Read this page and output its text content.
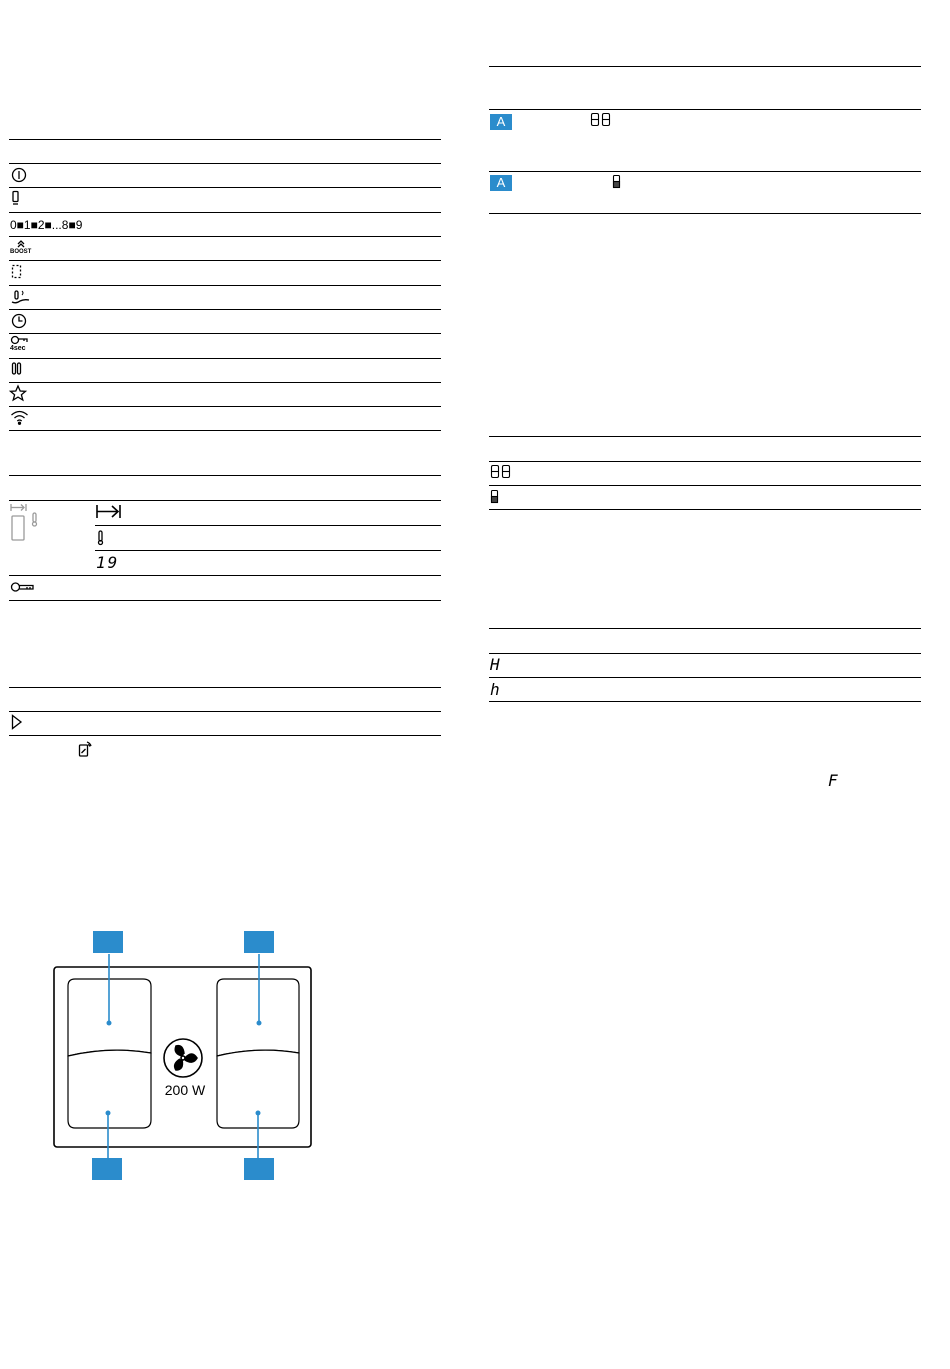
0■1■2■...8■9
BOOST
4sec
19
200 W
A
A
H
h
F
